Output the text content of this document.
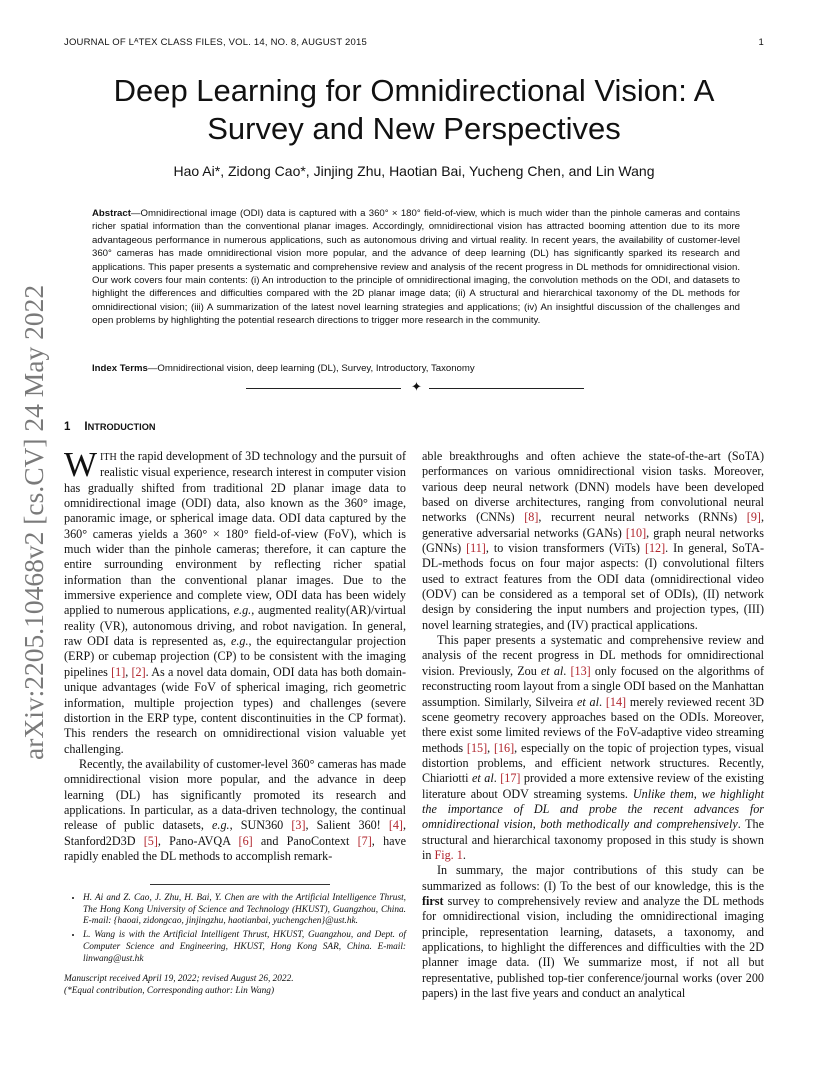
JOURNAL OF LᴬTEX CLASS FILES, VOL. 14, NO. 8, AUGUST 2015	1
arXiv:2205.10468v2 [cs.CV] 24 May 2022
Deep Learning for Omnidirectional Vision: A
Survey and New Perspectives
Hao Ai*, Zidong Cao*, Jinjing Zhu, Haotian Bai, Yucheng Chen, and Lin Wang

Abstract—Omnidirectional image (ODI) data is captured with a 360° × 180° field-of-view, which is much wider than the pinhole cameras and contains richer spatial information than the conventional planar images. Accordingly, omnidirectional vision has attracted booming attention due to its more advantageous performance in numerous applications, such as autonomous driving and virtual reality. In recent years, the availability of customer-level 360° cameras has made omnidirectional vision more popular, and the advance of deep learning (DL) has significantly sparked its research and applications. This paper presents a systematic and comprehensive review and analysis of the recent progress in DL methods for omnidirectional vision. Our work covers four main contents: (i) An introduction to the principle of omnidirectional imaging, the convolution methods on the ODI, and datasets to highlight the differences and difficulties compared with the 2D planar image data; (ii) A structural and hierarchical taxonomy of the DL methods for omnidirectional vision; (iii) A summarization of the latest novel learning strategies and applications; (iv) An insightful discussion of the challenges and open problems by highlighting the potential research directions to trigger more research in the community.

Index Terms—Omnidirectional vision, deep learning (DL), Survey, Introductory, Taxonomy

✦
1 INTRODUCTION

WITH the rapid development of 3D technology and the pursuit of realistic visual experience, research interest in computer vision has gradually shifted from traditional 2D planar image data to omnidirectional image (ODI) data, also known as the 360° image, panoramic image, or spherical image data. ODI data captured by the 360° cameras yields a 360° × 180° field-of-view (FoV), which is much wider than the pinhole cameras; therefore, it can capture the entire surrounding environment by reflecting richer spatial information than the conventional planar images. Due to the immersive experience and complete view, ODI data has been widely applied to numerous applications, e.g., augmented reality(AR)/virtual reality (VR), autonomous driving, and robot navigation. In general, raw ODI data is represented as, e.g., the equirectangular projection (ERP) or cubemap projection (CP) to be consistent with the imaging pipelines [1], [2]. As a novel data domain, ODI data has both domain-unique advantages (wide FoV of spherical imaging, rich geometric information, multiple projection types) and challenges (severe distortion in the ERP type, content discontinuities in the CP format). This renders the research on omnidirectional vision valuable yet challenging.

Recently, the availability of customer-level 360° cameras has made omnidirectional vision more popular, and the advance in deep learning (DL) has significantly promoted its research and applications. In particular, as a data-driven technology, the continual release of public datasets, e.g., SUN360 [3], Salient 360! [4], Stanford2D3D [5], Pano-AVQA [6] and PanoContext [7], have rapidly enabled the DL methods to accomplish remark-

able breakthroughs and often achieve the state-of-the-art (SoTA) performances on various omnidirectional vision tasks. Moreover, various deep neural network (DNN) models have been developed based on diverse architectures, ranging from convolutional neural networks (CNNs) [8], recurrent neural networks (RNNs) [9], generative adversarial networks (GANs) [10], graph neural networks (GNNs) [11], to vision transformers (ViTs) [12]. In general, SoTA-DL-methods focus on four major aspects: (I) convolutional filters used to extract features from the ODI data (omnidirectional video (ODV) can be considered as a temporal set of ODIs), (II) network design by considering the input numbers and projection types, (III) novel learning strategies, and (IV) practical applications.

This paper presents a systematic and comprehensive review and analysis of the recent progress in DL methods for omnidirectional vision. Previously, Zou et al. [13] only focused on the algorithms of reconstructing room layout from a single ODI based on the Manhattan assumption. Similarly, Silveira et al. [14] merely reviewed recent 3D scene geometry recovery approaches based on the ODIs. Moreover, there exist some limited reviews of the FoV-adaptive video streaming methods [15], [16], especially on the topic of projection types, visual distortion problems, and efficient network structures. Recently, Chiariotti et al. [17] provided a more extensive review of the existing literature about ODV streaming systems. Unlike them, we highlight the importance of DL and probe the recent advances for omnidirectional vision, both methodically and comprehensively. The structural and hierarchical taxonomy proposed in this study is shown in Fig. 1.

In summary, the major contributions of this study can be summarized as follows: (I) To the best of our knowledge, this is the first survey to comprehensively review and analyze the DL methods for omnidirectional vision, including the omnidirectional imaging principle, representation learning, datasets, a taxonomy, and applications, to highlight the differences and difficulties with the 2D planner image data. (II) We summarize most, if not all but representative, published top-tier conference/journal works (over 200 papers) in the last five years and conduct an analytical

• H. Ai and Z. Cao, J. Zhu, H. Bai, Y. Chen are with the Artificial Intelligence Thrust, The Hong Kong University of Science and Technology (HKUST), Guangzhou, China. E-mail: {haoai, zidongcao, jinjingzhu, haotianbai, yuchengchen}@ust.hk.
• L. Wang is with the Artificial Intelligent Thrust, HKUST, Guangzhou, and Dept. of Computer Science and Engineering, HKUST, Hong Kong SAR, China. E-mail: linwang@ust.hk
Manuscript received April 19, 2022; revised August 26, 2022.
(*Equal contribution, Corresponding author: Lin Wang)
